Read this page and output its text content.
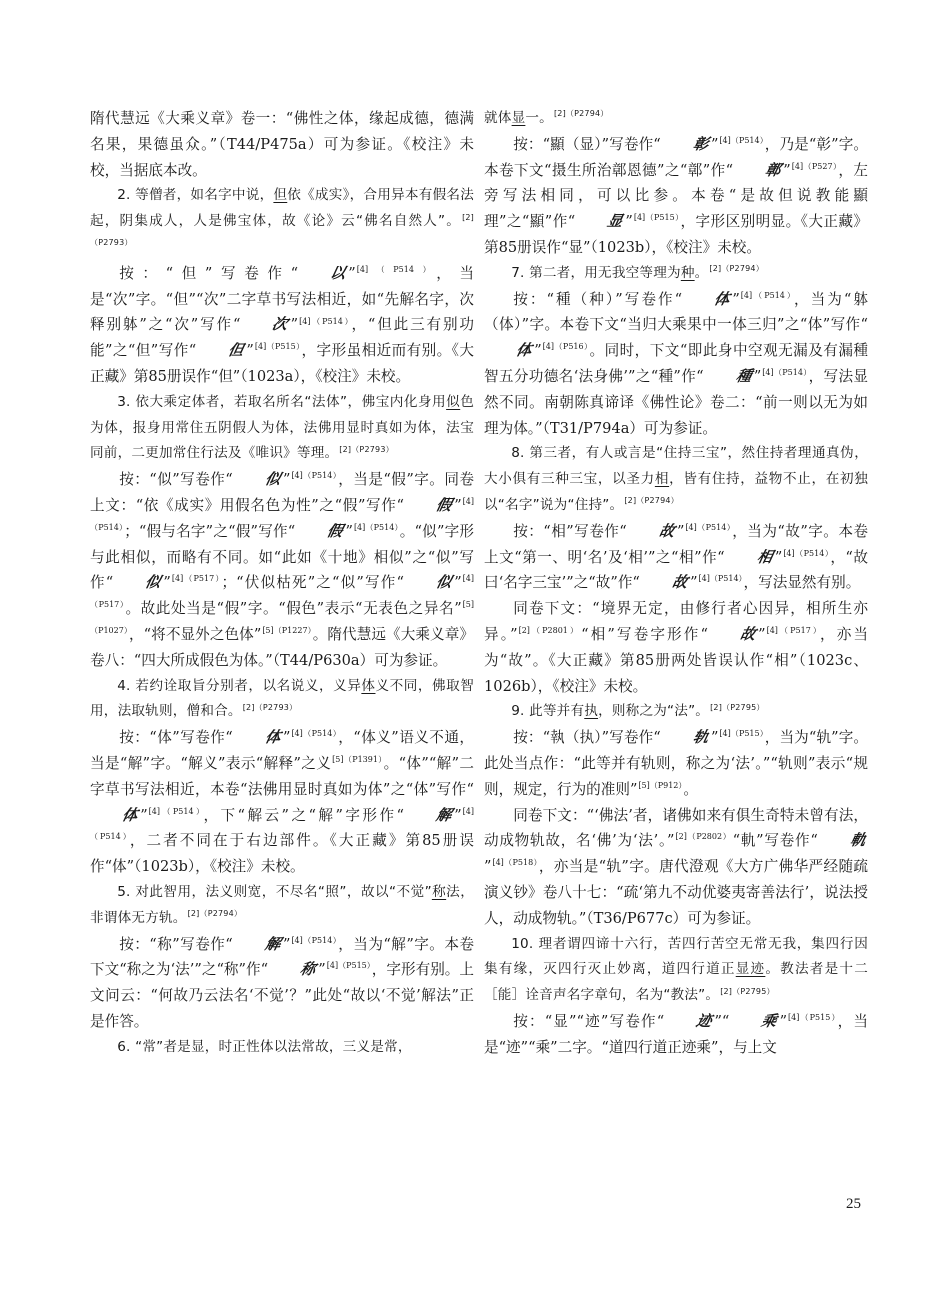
隋代慧远《大乘义章》卷一：“佛性之体，缘起成德，德满名果，果德虽众。”（T44/P475a）可为参证。《校注》未校，当据底本改。

2. 等僧者，如名字中说，但依《成实》，合用异本有假名法起，阴集成人，人是佛宝体，故《论》云“佛名自然人”。$^{[2](P2793)}$

按：“但”写卷作“ 以”$^{[4](P514)}$，当是“次”字。“但”“次”二字草书写法相近，如“先解名字，次释别躰”之“次”写作“ 次”$^{[4](P514)}$，“但此三有别功能”之“但”写作“ 但”$^{[4](P515)}$，字形虽相近而有别。《大正藏》第85册误作“但”（1023a），《校注》未校。

3. 依大乘定体者，若取名所名“法体”，佛宝内化身用似色为体，报身用常住五阴假人为体，法佛用显时真如为体，法宝同前，二更加常住行法及《唯识》等理。$^{[2](P2793)}$

按：“似”写卷作“ 似”$^{[4](P514)}$，当是“假”字。同卷上文：“依《成实》用假名色为性”之“假”写作“ 假”$^{[4](P514)}$；“假与名字”之“假”写作“ 假”$^{[4](P514)}$。“似”字形与此相似，而略有不同。如“此如《十地》相似”之“似”写作“ 似”$^{[4](P517)}$；“伏似枯死”之“似”写作“ 似”$^{[4](P517)}$。故此处当是“假”字。“假色”表示“无表色之异名”$^{[5](P1027)}$，“将不显外之色体”$^{[5](P1227)}$。隋代慧远《大乘义章》卷八：“四大所成假色为体。”（T44/P630a）可为参证。

4. 若约诠取旨分别者，以名说义，义异体义不同，佛取智用，法取轨则，僧和合。$^{[2](P2793)}$

按：“体”写卷作“ 体”$^{[4](P514)}$，“体义”语义不通，当是“解”字。“解义”表示“解释”之义$^{[5](P1391)}$。“体”“解”二字草书写法相近，本卷“法佛用显时真如为体”之“体”写作“体”$^{[4](P514)}$，下“解云”之“解”字形作“ 解”$^{[4](P514)}$，二者不同在于右边部件。《大正藏》第85册误作“体”（1023b），《校注》未校。

5. 对此智用，法义则宽，不尽名“照”，故以“不觉”称法，非谓体无方轨。$^{[2](P2794)}$

按：“称”写卷作“ 解”$^{[4](P514)}$，当为“解”字。本卷下文“称之为‘法’”之“称”作“ 称”$^{[4](P515)}$，字形有别。上文问云：“何故乃云法名‘不觉’？”此处“故以‘不觉’解法”正是作答。

6. “常”者是显，时正性体以法常故，三义是常，

就体显一。$^{[2](P2794)}$

按：“顯（显）”写卷作“ 彰”$^{[4](P514)}$，乃是“彰”字。本卷下文“摄生所治鄣恩德”之“鄣”作“ 鄣”$^{[4](P527)}$，左旁写法相同，可以比参。本卷“是故但说教能顯理”之“顯”作“ 显”$^{[4](P515)}$，字形区别明显。《大正藏》第85册误作“显”（1023b），《校注》未校。

7. 第二者，用无我空等理为种。$^{[2](P2794)}$

按：“種（种）”写卷作“ 体”$^{[4](P514)}$，当为“躰（体）”字。本卷下文“当归大乘果中一体三归”之“体”写作“体”$^{[4](P516)}$。同时，下文“即此身中空观无漏及有漏種智五分功德名‘法身佛’”之“種”作“ 種”$^{[4](P514)}$，写法显然不同。南朝陈真谛译《佛性论》卷二：“前一则以无为如理为体。”（T31/P794a）可为参证。

8. 第三者，有人或言是“住持三宝”，然住持者理通真伪，大小俱有三种三宝，以圣力相，皆有住持，益物不止，在初独以“名字”说为“住持”。$^{[2](P2794)}$

按：“相”写卷作“ 故”$^{[4](P514)}$，当为“故”字。本卷上文“第一、明‘名’及‘相’”之“相”作“ 相”$^{[4](P514)}$，“故曰‘名字三宝’”之“故”作“ 故”$^{[4](P514)}$，写法显然有别。

同卷下文：“境界无定，由修行者心因异，相所生亦异。”$^{[2](P2801)}$“相”写卷字形作“ 故”$^{[4](P517)}$，亦当为“故”。《大正藏》第85册两处皆误认作“相”（1023c、1026b），《校注》未校。

9. 此等并有执，则称之为“法”。$^{[2](P2795)}$

按：“執（执）”写卷作“ 轨”$^{[4](P515)}$，当为“轨”字。此处当点作：“此等并有轨则，称之为‘法’。”“轨则”表示“规则，规定，行为的准则”$^{[5](P912)}$。

同卷下文：“‘佛法’者，诸佛如来有俱生奇特未曾有法，动成物轨故，名‘佛’为‘法’。”$^{[2](P2802)}$“軌”写卷作“ 軌”$^{[4](P518)}$，亦当是“轨”字。唐代澄观《大方广佛华严经随疏演义钞》卷八十七：“疏‘第九不动优婆夷寄善法行’，说法授人，动成物轨。”（T36/P677c）可为参证。

10. 理者谓四谛十六行，苦四行苦空无常无我，集四行因集有缘，灭四行灭止妙离，道四行道正显迹。教法者是十二［能］诠音声名字章句，名为“教法”。$^{[2](P2795)}$

按：“显”“迹”写卷作“ 迹”“ 乘”$^{[4](P515)}$，当是“迹”“乘”二字。“道四行道正迹乘”，与上文

25
